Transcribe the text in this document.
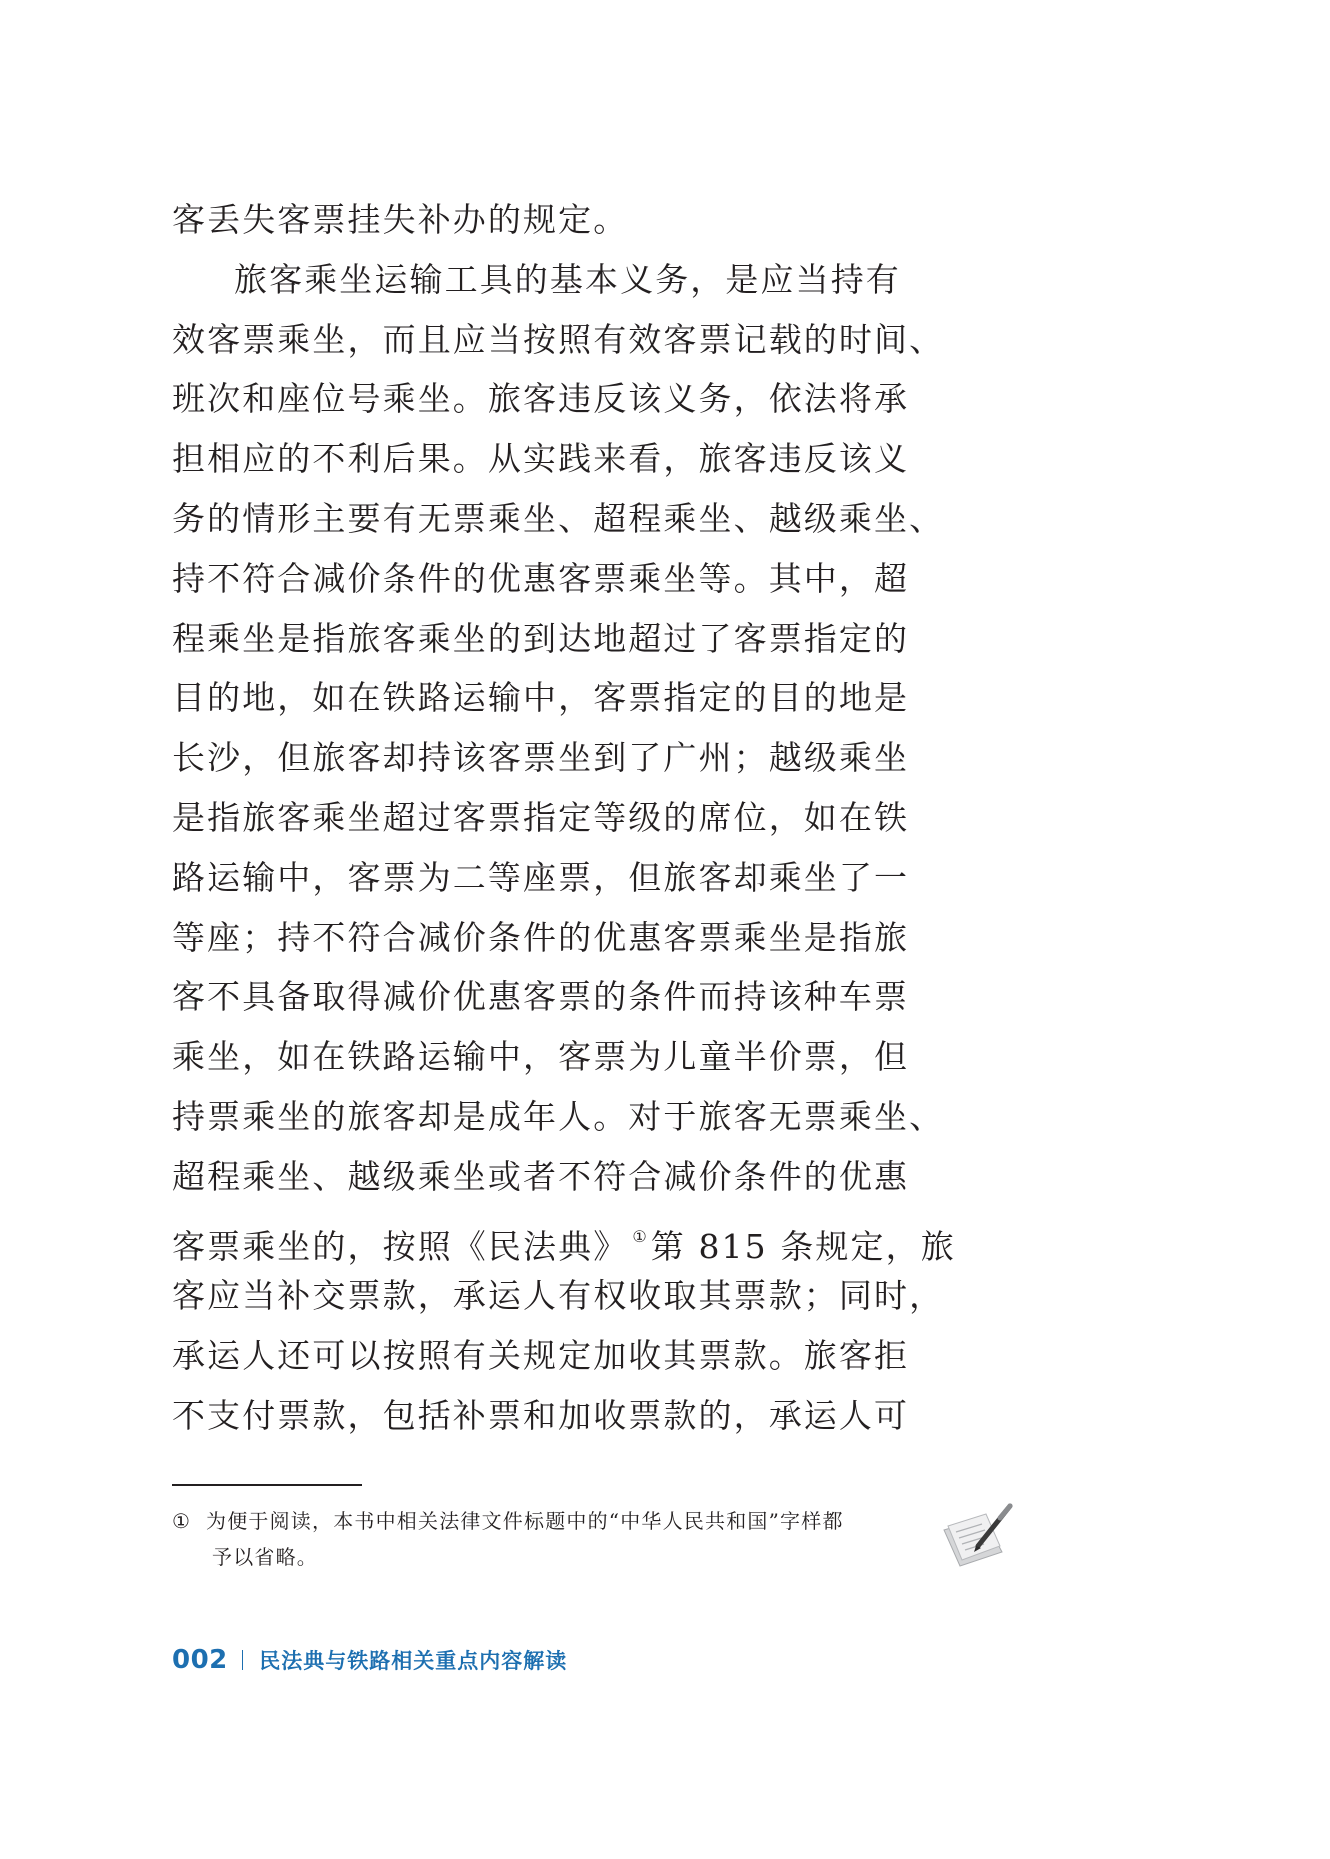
客丢失客票挂失补办的规定。
旅客乘坐运输工具的基本义务，是应当持有
效客票乘坐，而且应当按照有效客票记载的时间、
班次和座位号乘坐。旅客违反该义务，依法将承
担相应的不利后果。从实践来看，旅客违反该义
务的情形主要有无票乘坐、超程乘坐、越级乘坐、
持不符合减价条件的优惠客票乘坐等。其中，超
程乘坐是指旅客乘坐的到达地超过了客票指定的
目的地，如在铁路运输中，客票指定的目的地是
长沙，但旅客却持该客票坐到了广州；越级乘坐
是指旅客乘坐超过客票指定等级的席位，如在铁
路运输中，客票为二等座票，但旅客却乘坐了一
等座；持不符合减价条件的优惠客票乘坐是指旅
客不具备取得减价优惠客票的条件而持该种车票
乘坐，如在铁路运输中，客票为儿童半价票，但
持票乘坐的旅客却是成年人。对于旅客无票乘坐、
超程乘坐、越级乘坐或者不符合减价条件的优惠
客票乘坐的，按照《民法典》 ①第 815 条规定，旅
客应当补交票款，承运人有权收取其票款；同时，
承运人还可以按照有关规定加收其票款。旅客拒
不支付票款，包括补票和加收票款的，承运人可
① 为便于阅读，本书中相关法律文件标题中的“中华人民共和国”字样都
予以省略。
002 民法典与铁路相关重点内容解读
